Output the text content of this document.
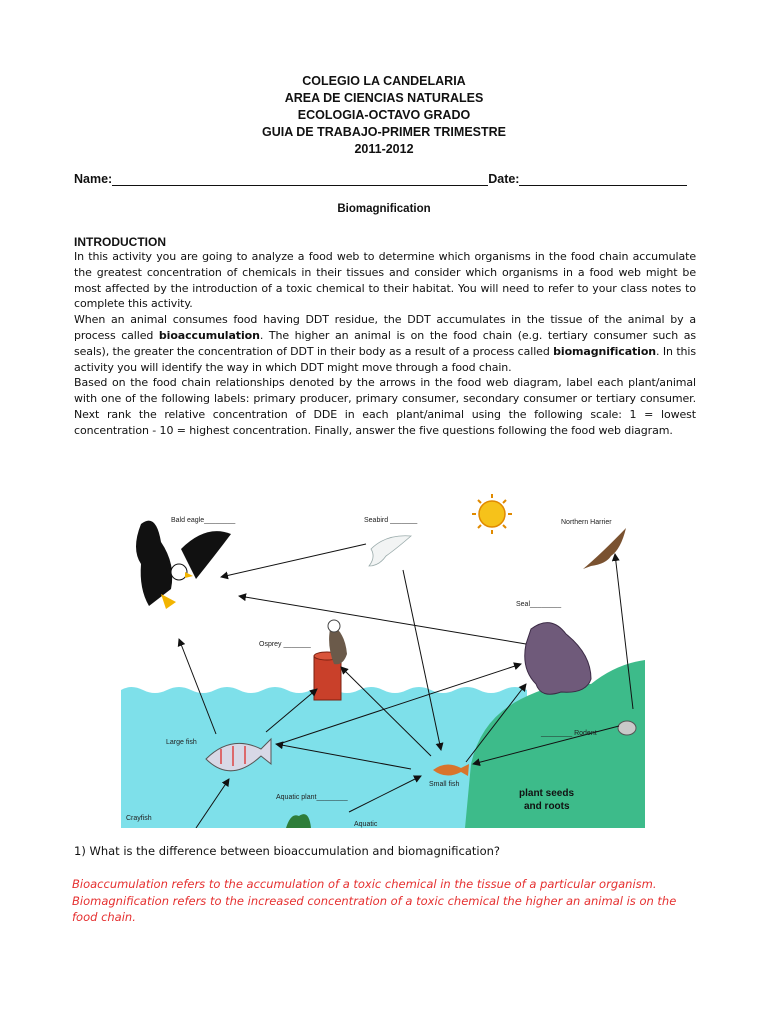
COLEGIO LA CANDELARIA
AREA DE CIENCIAS NATURALES
ECOLOGIA-OCTAVO GRADO
GUIA DE TRABAJO-PRIMER TRIMESTRE
2011-2012
Name:	Date:
Biomagnification
INTRODUCTION

In this activity you are going to analyze a food web to determine which organisms in the food chain accumulate the greatest concentration of chemicals in their tissues and consider which organisms in a food web might be most affected by the introduction of a toxic chemical to their habitat. You will need to refer to your class notes to complete this activity.

When an animal consumes food having DDT residue, the DDT accumulates in the tissue of the animal by a process called bioaccumulation. The higher an animal is on the food chain (e.g. tertiary consumer such as seals), the greater the concentration of DDT in their body as a result of a process called biomagnification. In this activity you will identify the way in which DDT might move through a food chain.

Based on the food chain relationships denoted by the arrows in the food web diagram, label each plant/animal with one of the following labels: primary producer, primary consumer, secondary consumer or tertiary consumer. Next rank the relative concentration of DDE in each plant/animal using the following scale: 1 = lowest concentration - 10 = highest concentration. Finally, answer the five questions following the food web diagram.

Bald eagle________	Seabird _______	Northern Harrier
Seal________
Osprey _______
________ Rodent
Large fish
Small fish
Aquatic plant________
Aquatic
Crayfish
plant seeds
and roots
1) What is the difference between bioaccumulation and biomagnification?
Bioaccumulation refers to the accumulation of a toxic chemical in the tissue of a particular organism. Biomagnification refers to the increased concentration of a toxic chemical the higher an animal is on the food chain.
